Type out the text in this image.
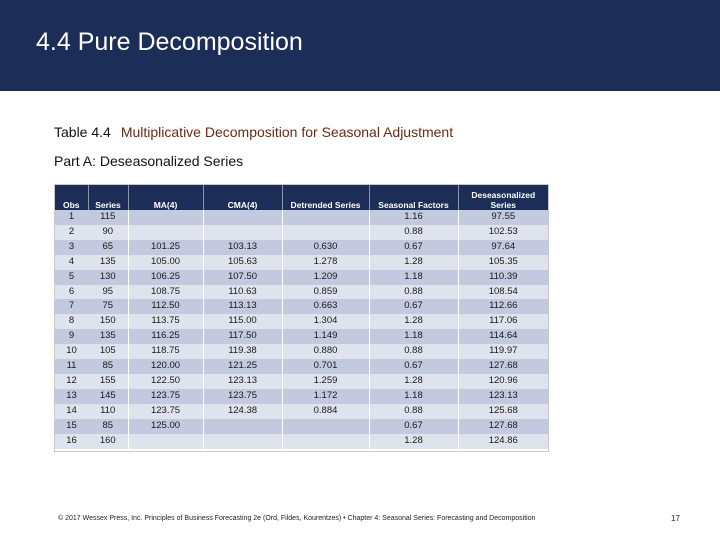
4.4 Pure Decomposition
Table 4.4 Multiplicative Decomposition for Seasonal Adjustment
Part A: Deseasonalized Series
Obs	Series	MA(4)	CMA(4)	Detrended Series	Seasonal Factors	Deseasonalized Series
1	115				1.16	97.55
2	90				0.88	102.53
3	65	101.25	103.13	0.630	0.67	97.64
4	135	105.00	105.63	1.278	1.28	105.35
5	130	106.25	107.50	1.209	1.18	110.39
6	95	108.75	110.63	0.859	0.88	108.54
7	75	112.50	113.13	0.663	0.67	112.66
8	150	113.75	115.00	1.304	1.28	117.06
9	135	116.25	117.50	1.149	1.18	114.64
10	105	118.75	119.38	0.880	0.88	119.97
11	85	120.00	121.25	0.701	0.67	127.68
12	155	122.50	123.13	1.259	1.28	120.96
13	145	123.75	123.75	1.172	1.18	123.13
14	110	123.75	124.38	0.884	0.88	125.68
15	85	125.00			0.67	127.68
16	160				1.28	124.86
© 2017 Wessex Press, Inc. Principles of Business Forecasting 2e (Ord, Fildes, Kourentzes) • Chapter 4: Seasonal Series: Forecasting and Decomposition	17
